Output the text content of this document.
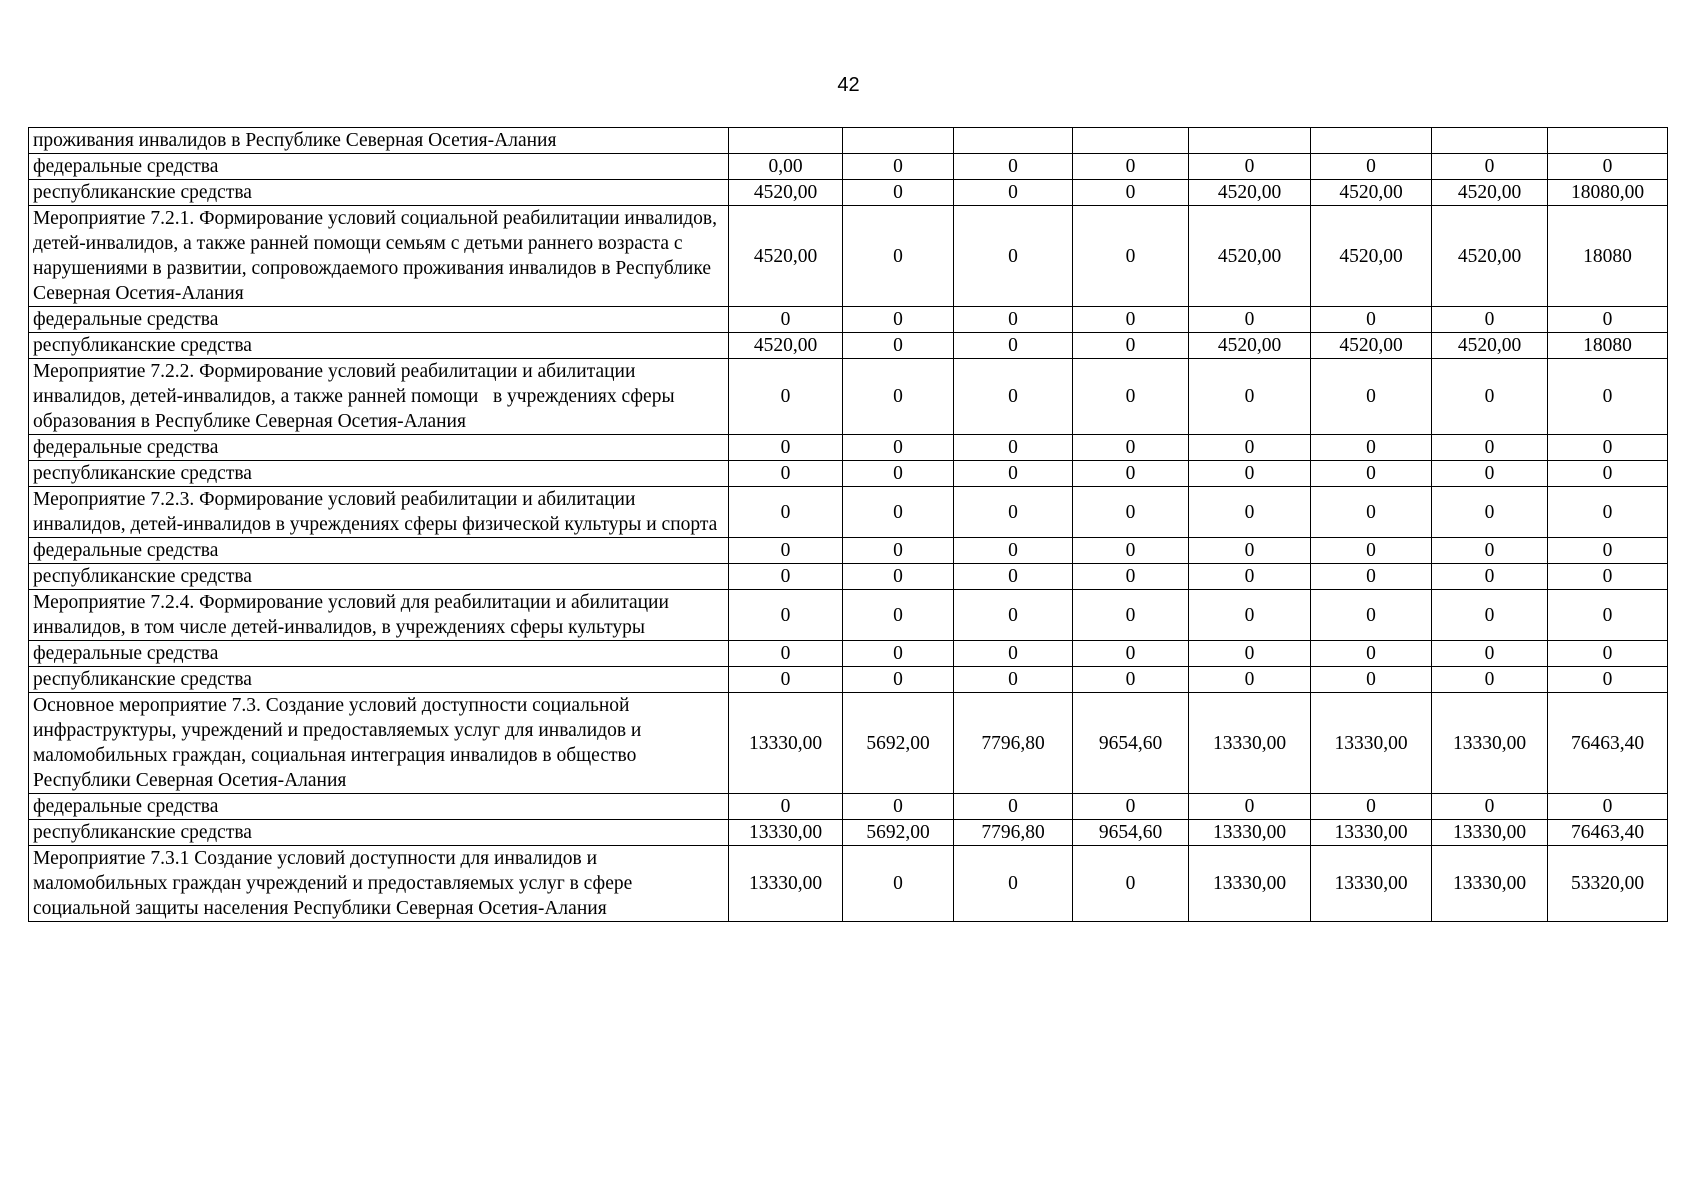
42
проживания инвалидов в Республике Северная Осетия-Алания								
федеральные средства	0,00	0	0	0	0	0	0	0
республиканские средства	4520,00	0	0	0	4520,00	4520,00	4520,00	18080,00
Мероприятие 7.2.1. Формирование условий социальной реабилитации инвалидов, детей-инвалидов, а также ранней помощи семьям с детьми раннего возраста с нарушениями в развитии, сопровождаемого проживания инвалидов в Республике Северная Осетия-Алания	4520,00	0	0	0	4520,00	4520,00	4520,00	18080
федеральные средства	0	0	0	0	0	0	0	0
республиканские средства	4520,00	0	0	0	4520,00	4520,00	4520,00	18080
Мероприятие 7.2.2. Формирование условий реабилитации и абилитации инвалидов, детей-инвалидов, а также ранней помощи   в учреждениях сферы образования в Республике Северная Осетия-Алания	0	0	0	0	0	0	0	0
федеральные средства	0	0	0	0	0	0	0	0
республиканские средства	0	0	0	0	0	0	0	0
Мероприятие 7.2.3. Формирование условий реабилитации и абилитации инвалидов, детей-инвалидов в учреждениях сферы физической культуры и спорта	0	0	0	0	0	0	0	0
федеральные средства	0	0	0	0	0	0	0	0
республиканские средства	0	0	0	0	0	0	0	0
Мероприятие 7.2.4. Формирование условий для реабилитации и абилитации инвалидов, в том числе детей-инвалидов, в учреждениях сферы культуры	0	0	0	0	0	0	0	0
федеральные средства	0	0	0	0	0	0	0	0
республиканские средства	0	0	0	0	0	0	0	0
Основное мероприятие 7.3. Создание условий доступности социальной инфраструктуры, учреждений и предоставляемых услуг для инвалидов и маломобильных граждан, социальная интеграция инвалидов в общество   Республики Северная Осетия-Алания	13330,00	5692,00	7796,80	9654,60	13330,00	13330,00	13330,00	76463,40
федеральные средства	0	0	0	0	0	0	0	0
республиканские средства	13330,00	5692,00	7796,80	9654,60	13330,00	13330,00	13330,00	76463,40
Мероприятие 7.3.1 Создание условий доступности для инвалидов и маломобильных граждан учреждений и предоставляемых услуг в сфере социальной защиты населения Республики Северная Осетия-Алания	13330,00	0	0	0	13330,00	13330,00	13330,00	53320,00
